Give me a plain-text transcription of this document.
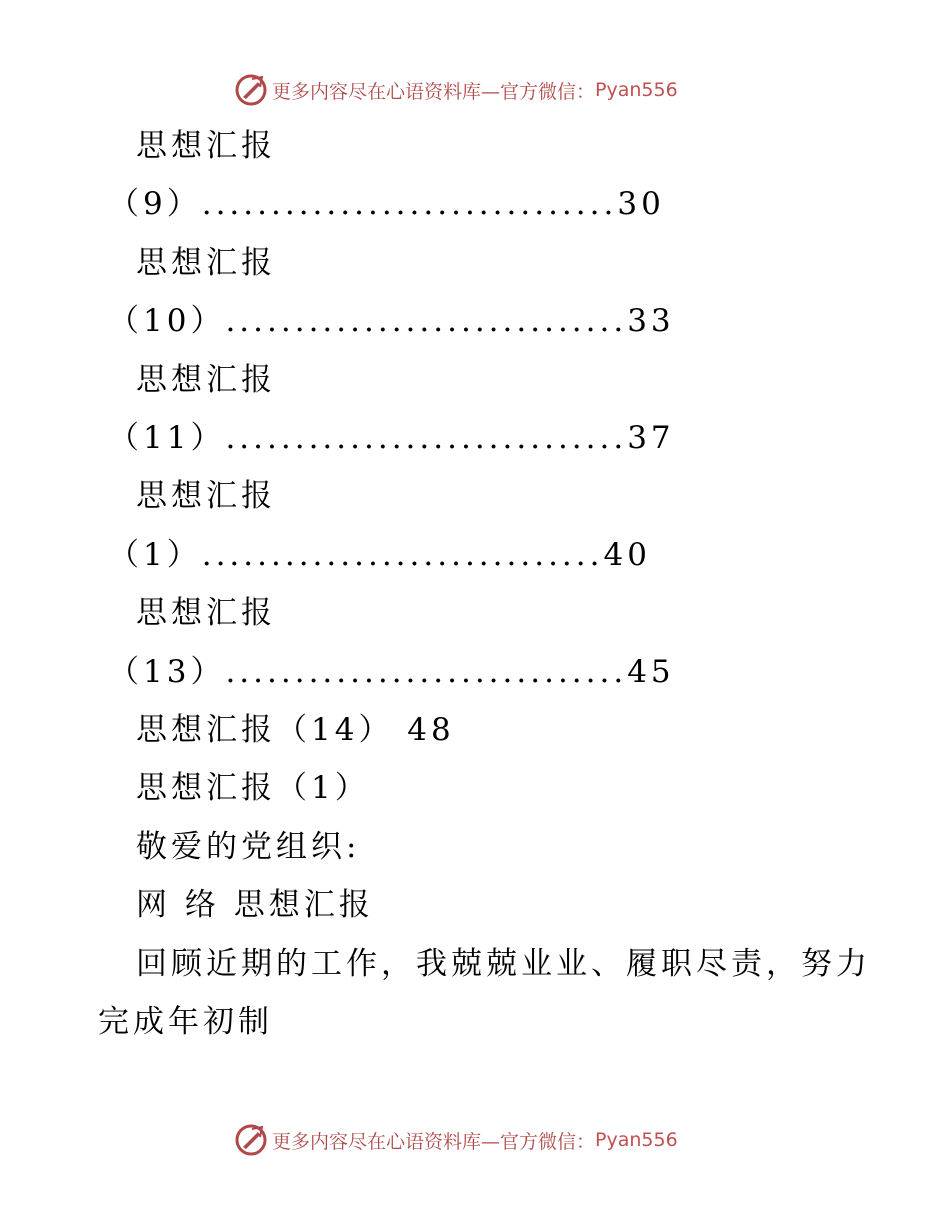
更多内容尽在心语资料库—官方微信： Pyan556
思想汇报
（9）..............................30
思想汇报
（10）.............................33
思想汇报
（11）.............................37
思想汇报
（1）.............................40
思想汇报
（13）.............................45
思想汇报（14） 48
思想汇报（1）
敬爱的党组织:
网 络 思想汇报
回顾近期的工作，我兢兢业业、履职尽责，努力
完成年初制
更多内容尽在心语资料库—官方微信： Pyan556
